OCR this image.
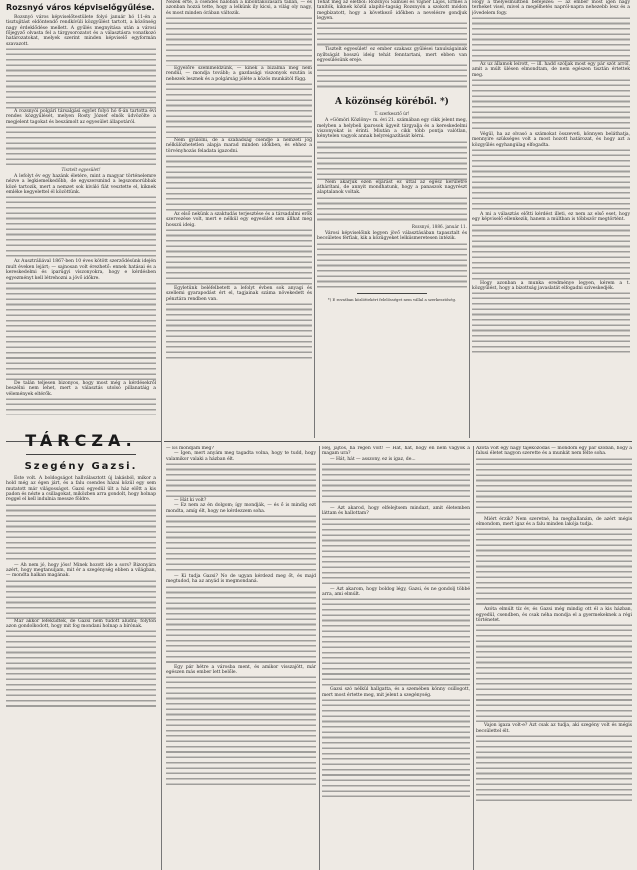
Rozsnyó város képviselőgyűlése.

Rozsnyó város képviselőtestülete folyó január hó 11-én a tisztujitást eldöntendő rendkívüli közgyűlést tartott, a közönség nagy érdeklődése mellett. A gyűlés megnyitása után a városi főjegyző olvasta fel a tárgysorozatot és a választásra vonatkozó határozatokat, melyek szerint minden képviselő egyformán szavazott.

A rozsnyói polgári társalgási egylet folyó hó 6-án tartotta évi rendes közgyűlését, melyen Rosty József elnök üdvözölte a megjelent tagokat és beszámolt az egyesület állapotáról.

Tisztelt egyesület!

A lefolyt év egy hazánk életére, mint a magyar történelemre nézve a legkiemelkedőbb, de egyszersmind a legszomorúbbak közé tartozik, mert a nemzet sok kiváló fiát vesztette el, kiknek emléke kegyelettel él közöttünk.

Az Ausztráliával 1867-ben 10 éves kötött szerződésünk idején mult éveken lejárt; — sajnosan volt érezhető: ennek hatásai és a kereskedelmi és iparügyi viszonyokra, hogy e kérdésben egyezményt kell létrehozni a jövő időkre.

De talán teljesen bizonyos, hogy most még a kérdésekről beszélni nem lehet, mert a választás utolsó pillanatáig a vélemények eltérők.

TÁRCZA.
Szegény Gazsi.

Este volt. A boldogságot hallválasztott új lakásból, mikor a hold még az égen járt, és a falu csendes házai közül egy sem mutatott már világosságot. Gazsi egyedül ült a ház előtt a kis padon és nézte a csillagokat, miközben arra gondolt, hogy holnap reggel el kell indulnia messze földre.

— Ah nem jó, hogy jöss! Minek hozott ide a sors? Bizonyára azért, hogy megtanuljam, mit ér a szegénység ebben a világban, — mondta halkan magának.

Mar akkor lefeküdtek, de Gazsi nem tudott aludni; folyton azon gondolkodott, hogy mit fog mondani holnap a bírónak.

Nézek érte, a csendes hálóban a kibontakozására tallán, — és azonban hozzá tette, hogy a lelkünk ily kicsi, a világ oly nagy, és most minden órában változik.

Egyelőre szemmeldzünk, — kinek a bizalma meg nem rendül, — mondja tovább; a gazdasági viszonyok ezután is nehezek lesznek és a polgárság jóléte a közös munkától függ.

Nem gyűlölni, de a szabadság csendje a nemzeti jog nélkülözhetetlen alapja marad minden időkben, és ehhez a törvényhozás feladata igazodni.

Az első nekünk a szaktudás terjesztése és a társadalmi erők szervezése volt, mert e nélkül egy egyesület sem állhat meg hosszú ideig.

Egyletünk beléfelbetett a lefolyt évben sok anyagi és szellemi gyarapodást ért el, tagjainak száma növekedett és pénztára rendben van.

Tehát meg az életből: Rozsnyói Sámuel és Vajner Lajos, Ermes a tanítók, kiknek közül alapító-tagság Rozsnyón a szokott módon megbízatott, hogy a következő időkben a nevelésre gondjuk legyen.

Tisztelt egyesület! ez ember szakasz gyűlései tanulságainak nyíltságát hosszú ideig tehát fenntartani, mert ebben van egyesülésünk ereje.

A közönség köréből. *)
T. szerkesztő úr!

A »Gömöri Közlöny« m. évi 21. számában egy cikk jelent meg, melyben a helybeli iparosok ügyeit tárgyalja és a kereskedelmi viszonyokat is érinti. Miután a cikk több pontja valótlan, kénytelen vagyok annak helyreigazítását kérni.

Nem akarjuk ezen eljárást ez úttal az egész kerületre áthárítani, de annyit mondhatunk, hogy a panaszok nagyrészt alaptalanok voltak.

Rozsnyó, 1886. január 11.

Városi képviselőink legyen jövő választásában tapasztalt és becsületes férfiak, kik a közügyeket lelkiismeretesen intézik.

*) E rovatban közlöttekért felelősséget nem vállal a szerkesztőség.

Hogy a thelyesmúltbeli befejezés: — az ember most igen nagy terheket visel, mivel a megélhetés napról-napra nehezebb lesz és a jövedelem fogy.

Az uz államok leírott, — ill. hadd szóljak most egy pár szót arról, amit a múlt ülésen elmondtam, de nem egészen tisztán értettek meg.

Végül, ha az olvasó a számokat összeveti, könnyen beláthatja, mennyire szükséges volt a most hozott határozat, és hogy azt a közgyűlés egyhangúlag elfogadta.

A mi a választás előtti kérdést illeti, ez nem az első eset, hogy egy képviselő ellenkezik, hanem a múltban is többször megtörtént.

Hogy azonban a munka eredménye legyen, kérem a t. közgyűlést, hogy a bizottság javaslatát elfogadni szíveskedjék.

— És mondjam meg?

— Igen, mert anyám meg tagadta volna, hogy te tudd, hogy valamikor valaki a házban élt.

— Hát ki volt?

— Ez nem az én dolgom; így mondják, — és ő is mindig ezt mondta, amíg élt, hogy ne kérdezzem soha.

— Ki tudja Gazsi? No de ugyan kérdezd meg őt, és majd megtudod, ha az anyád is megmondaná.

Egy pár hétre a városba ment, és amikor visszajött, már egészen más ember lett belőle.

Hej, jajtos, ha régen volt! — Hát, hát, hogy én nem vagyok a magam ura?

— Hát, hát — asszony, ez is igaz, de...

— Azt akarod, hogy elfelejtsem mindazt, amit életemben láttam és hallottam?

— Azt akarom, hogy boldog légy, Gazsi, és ne gondolj többé arra, ami elmúlt.

Gazsi szó nélkül hallgatta, és a szemében könny csillogott, mert most értette meg, mit jelent a szegénység.

Azóta volt egy nagy tájékozódás — mondom egy pár szóban, hogy a falusi életet nagyon szerette és a munkát nem félte soha.

Miért érzik? Nem szeretné, ha meghallanám, de azért mégis elmondom, mert igaz és a falu minden lakója tudja.

Azóta elmúlt tíz év, és Gazsi még mindig ott él a kis házban, egyedül, csendben, és csak néha mondja el a gyermekeknek a régi történetet.

Vajon igaza volt-e? Azt csak az tudja, aki szegény volt és mégis becsülettel élt.
